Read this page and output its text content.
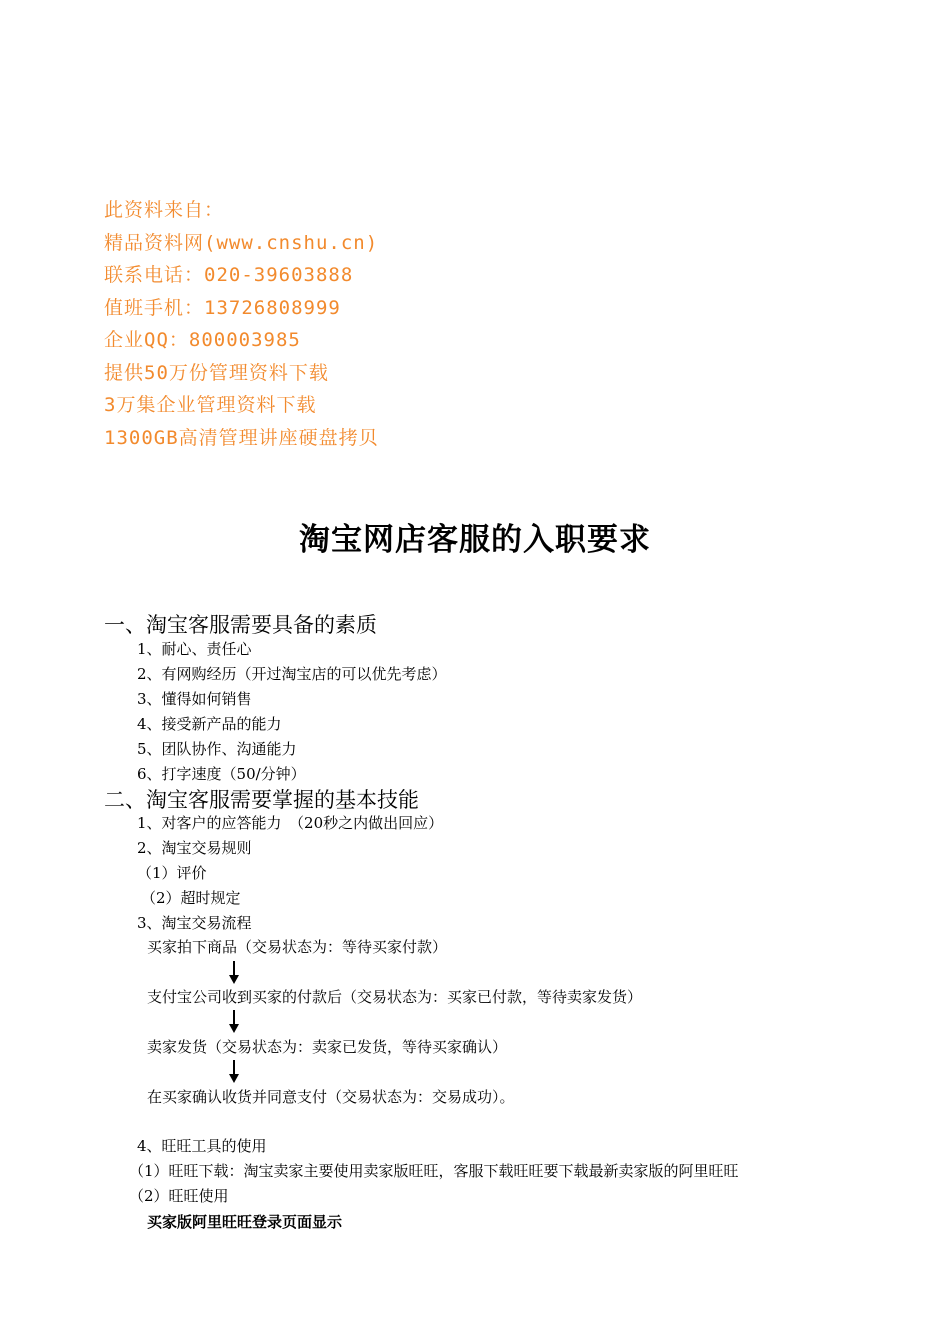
此资料来自：
精品资料网(www.cnshu.cn)
联系电话：020-39603888
值班手机：13726808999
企业QQ：800003985
提供50万份管理资料下载
3万集企业管理资料下载
1300GB高清管理讲座硬盘拷贝
淘宝网店客服的入职要求
一、淘宝客服需要具备的素质
1、耐心、责任心
2、有网购经历（开过淘宝店的可以优先考虑）
3、懂得如何销售
4、接受新产品的能力
5、团队协作、沟通能力
6、打字速度（50/分钟）
二、淘宝客服需要掌握的基本技能
1、对客户的应答能力　（20秒之内做出回应）
2、淘宝交易规则
（1）评价
（2）超时规定
3、淘宝交易流程
买家拍下商品（交易状态为：等待买家付款）
支付宝公司收到买家的付款后（交易状态为：买家已付款，等待卖家发货）
卖家发货（交易状态为：卖家已发货，等待买家确认）
在买家确认收货并同意支付（交易状态为：交易成功）。
4、旺旺工具的使用
（1）旺旺下载：淘宝卖家主要使用卖家版旺旺，客服下载旺旺要下载最新卖家版的阿里旺旺
（2）旺旺使用
买家版阿里旺旺登录页面显示
